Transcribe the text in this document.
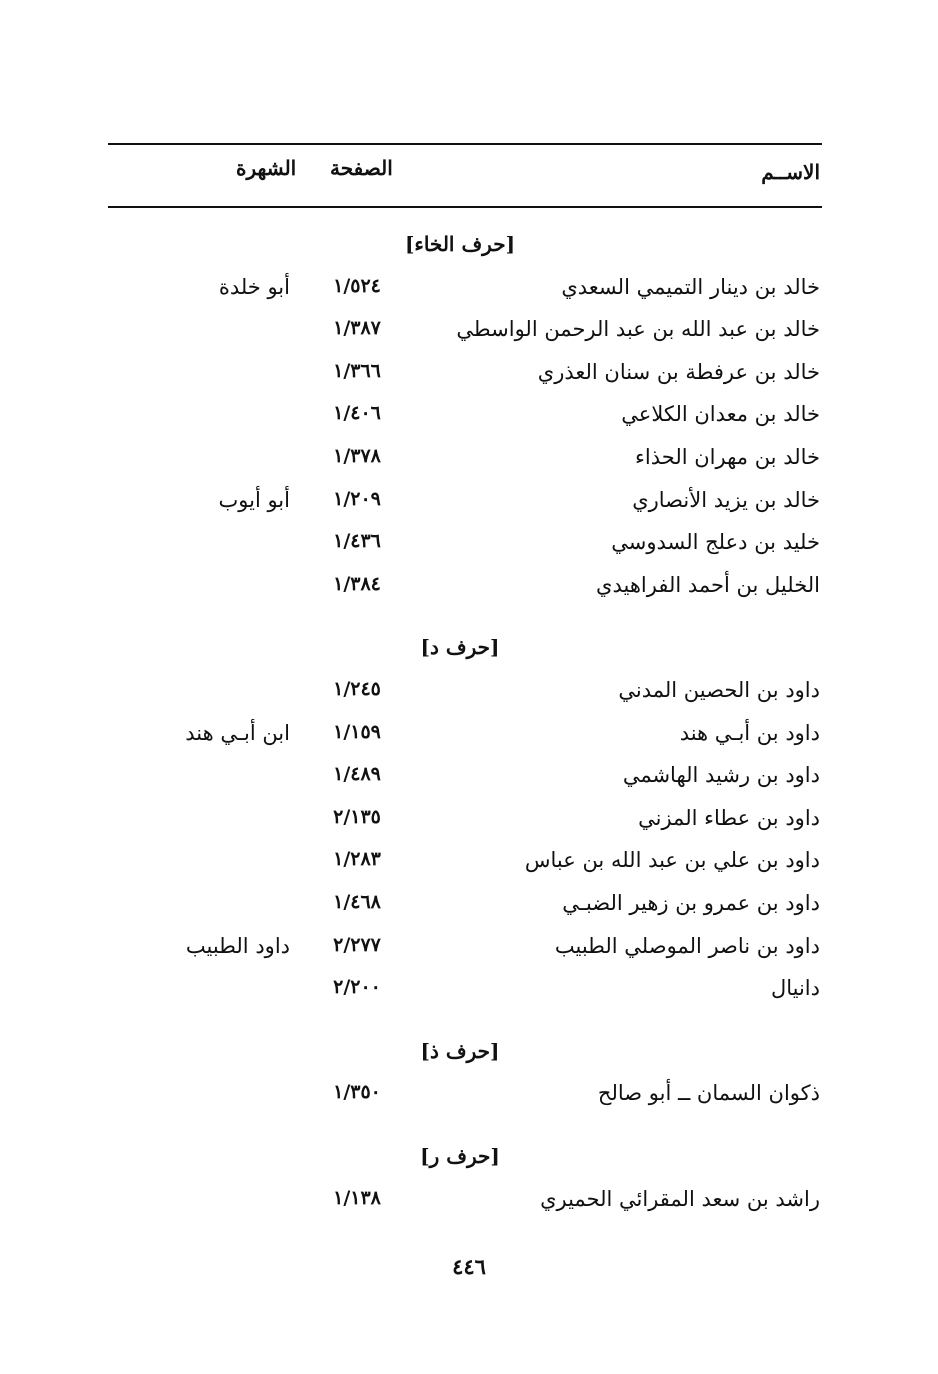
الاســم
الصفحة
الشهرة
[حرف الخاء]
خالد بن دينار التميمي السعدي
١/٥٢٤
أبو خلدة
خالد بن عبد الله بن عبد الرحمن الواسطي
١/٣٨٧
خالد بن عرفطة بن سنان العذري
١/٣٦٦
خالد بن معدان الكلاعي
١/٤٠٦
خالد بن مهران الحذاء
١/٣٧٨
خالد بن يزيد الأنصاري
١/٢٠٩
أبو أيوب
خليد بن دعلج السدوسي
١/٤٣٦
الخليل بن أحمد الفراهيدي
١/٣٨٤
[حرف د]
داود بن الحصين المدني
١/٢٤٥
داود بن أبـي هند
١/١٥٩
ابن أبـي هند
داود بن رشيد الهاشمي
١/٤٨٩
داود بن عطاء المزني
٢/١٣٥
داود بن علي بن عبد الله بن عباس
١/٢٨٣
داود بن عمرو بن زهير الضبـي
١/٤٦٨
داود بن ناصر الموصلي الطبيب
٢/٢٧٧
داود الطبيب
دانيال
٢/٢٠٠
[حرف ذ]
ذكوان السمان ــ أبو صالح
١/٣٥٠
[حرف ر]
راشد بن سعد المقرائي الحميري
١/١٣٨
٤٤٦
